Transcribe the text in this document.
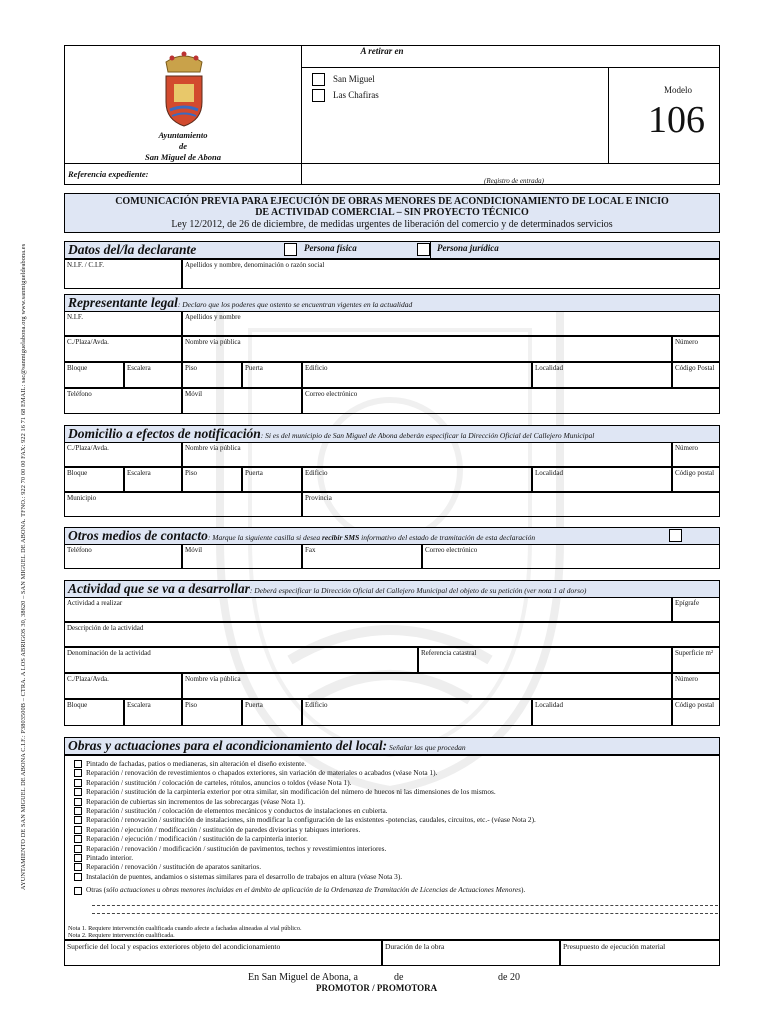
AYUNTAMIENTO DE SAN MIGUEL DE ABONA C.I.F.: P3803500B – CTRA. A LOS ABRIGOS 30, 38620 – SAN MIGUEL DE ABONA. TFNO.: 922 70 00 00 FAX: 922 16 71 68 EMAIL: sac@sanmiguelabona.org www.sanmigueldeabona.es
Ayuntamiento
de
San Miguel de Abona
A retirar en
San Miguel
Las Chafiras	Modelo
106
Referencia expediente:
(Registro de entrada)
COMUNICACIÓN PREVIA PARA EJECUCIÓN DE OBRAS MENORES DE ACONDICIONAMIENTO DE LOCAL E INICIO
DE ACTIVIDAD COMERCIAL – SIN PROYECTO TÉCNICO
Ley 12/2012, de 26 de diciembre, de medidas urgentes de liberación del comercio y de determinados servicios
Datos del/la declarante	Persona física	Persona jurídica
N.I.F. / C.I.F.	Apellidos y nombre, denominación o razón social
Representante legal: Declaro que los poderes que ostento se encuentran vigentes en la actualidad
N.I.F.	Apellidos y nombre
C./Plaza/Avda.	Nombre vía pública	Número
Bloque	Escalera	Piso	Puerta	Edificio	Localidad	Código Postal
Teléfono	Móvil	Correo electrónico
Domicilio a efectos de notificación: Si es del municipio de San Miguel de Abona deberán especificar la Dirección Oficial del Callejero Municipal
C./Plaza/Avda.	Nombre vía pública	Número
Bloque	Escalera	Piso	Puerta	Edificio	Localidad	Código postal
Municipio	Provincia
Otros medios de contacto: Marque la siguiente casilla si desea recibir SMS informativo del estado de tramitación de esta declaración
Teléfono	Móvil	Fax	Correo electrónico
Actividad que se va a desarrollar: Deberá especificar la Dirección Oficial del Callejero Municipal del objeto de su petición (ver nota 1 al dorso)
Actividad a realizar	Epígrafe
Descripción de la actividad
Denominación de la actividad	Referencia catastral	Superficie m²
C./Plaza/Avda.	Nombre vía pública	Número
Bloque	Escalera	Piso	Puerta	Edificio	Localidad	Código postal
Obras y actuaciones para el acondicionamiento del local: Señalar las que procedan
Pintado de fachadas, patios o medianeras, sin alteración el diseño existente.
Reparación / renovación de revestimientos o chapados exteriores, sin variación de materiales o acabados (véase Nota 1).
Reparación / sustitución / colocación de carteles, rótulos, anuncios o toldos (véase Nota 1).
Reparación / sustitución de la carpintería exterior por otra similar, sin modificación del número de huecos ni las dimensiones de los mismos.
Reparación de cubiertas sin incrementos de las sobrecargas (véase Nota 1).
Reparación / sustitución / colocación de elementos mecánicos y conductos de instalaciones en cubierta.
Reparación / renovación / sustitución de instalaciones, sin modificar la configuración de las existentes -potencias, caudales, circuitos, etc.- (véase Nota 2).
Reparación / ejecución / modificación / sustitución de paredes divisorias y tabiques interiores.
Reparación / ejecución / modificación / sustitución de la carpintería interior.
Reparación / renovación / modificación / sustitución de pavimentos, techos y revestimientos interiores.
Pintado interior.
Reparación / renovación / sustitución de aparatos sanitarios.
Instalación de puentes, andamios o sistemas similares para el desarrollo de trabajos en altura (véase Nota 3).
Otras (sólo actuaciones u obras menores incluidas en el ámbito de aplicación de la Ordenanza de Tramitación de Licencias de Actuaciones Menores).
Nota 1. Requiere intervención cualificada cuando afecte a fachadas alineadas al vial público.
Nota 2. Requiere intervención cualificada.
Superficie del local y espacios exteriores objeto del acondicionamiento	Duración de la obra	Presupuesto de ejecución material
En San Miguel de Abona, a	de	de 20
PROMOTOR / PROMOTORA
